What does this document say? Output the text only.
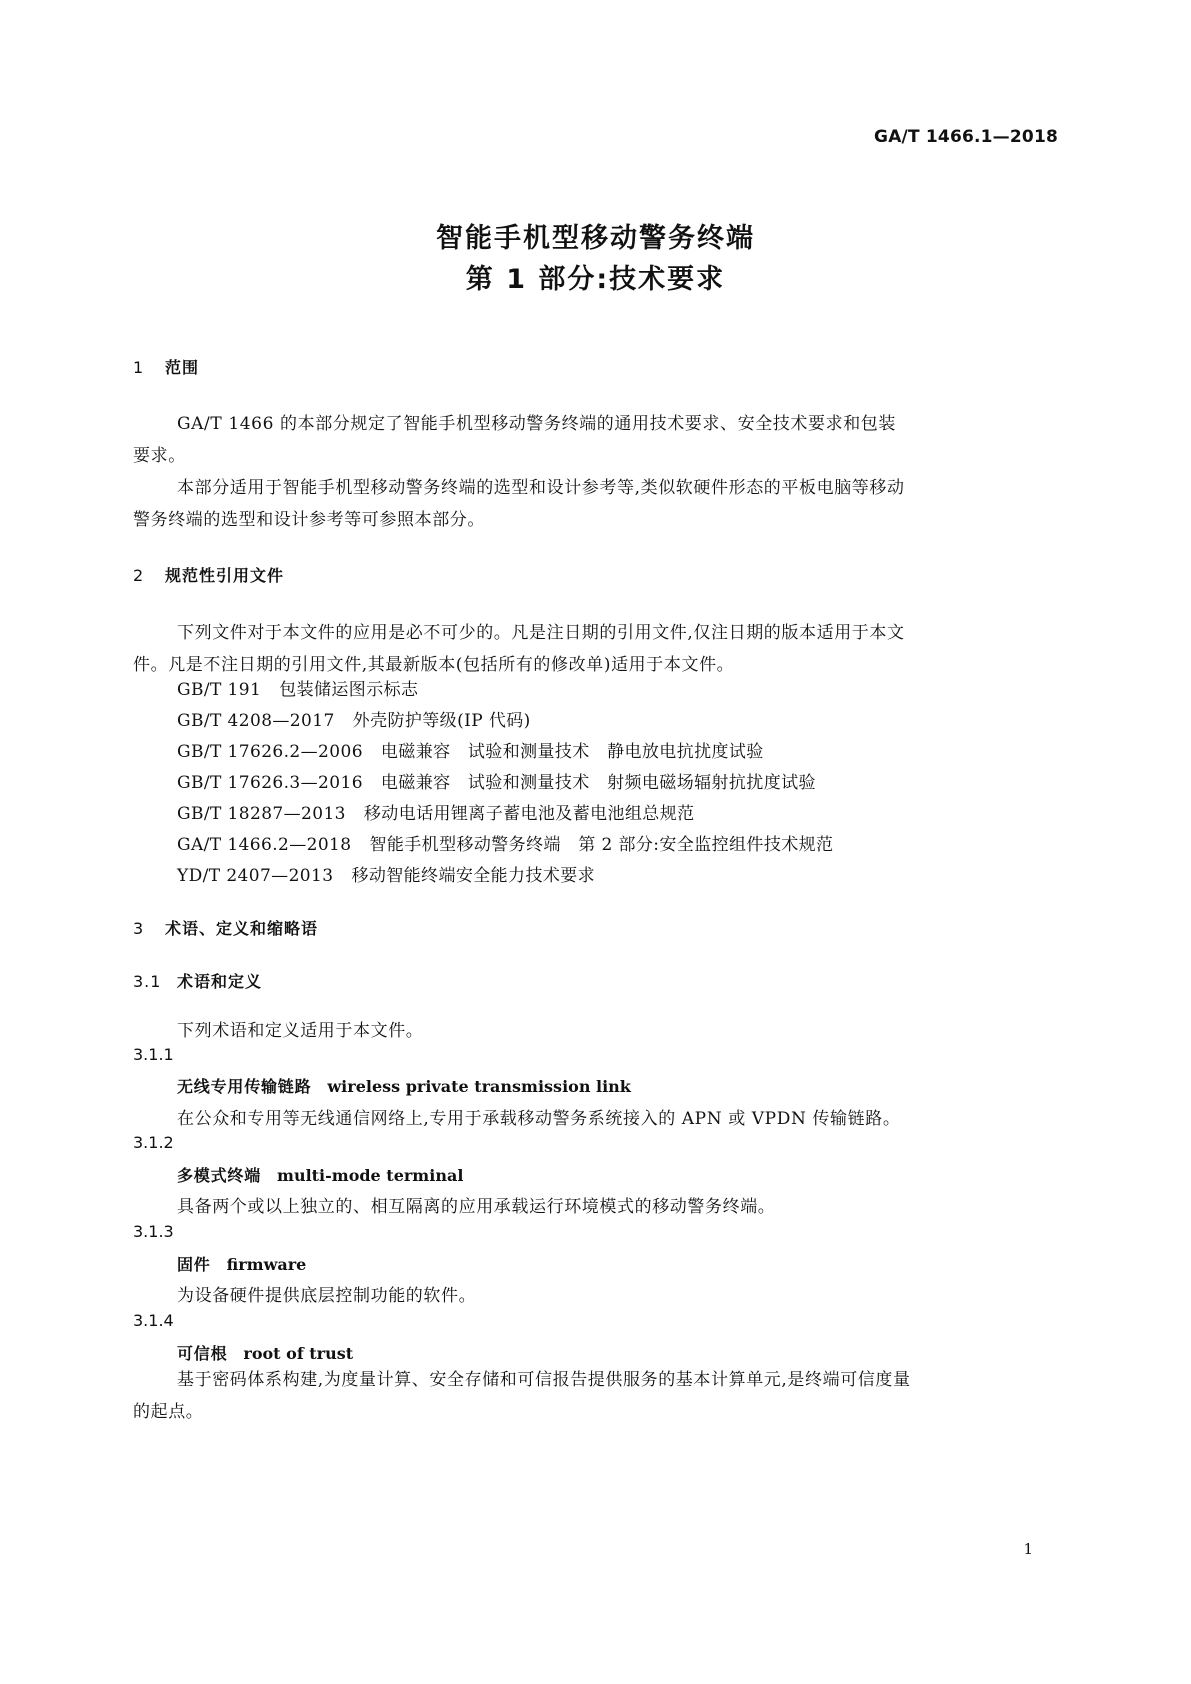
GA/T 1466.1—2018
智能手机型移动警务终端
第 1 部分:技术要求
1 范围
GA/T 1466 的本部分规定了智能手机型移动警务终端的通用技术要求、安全技术要求和包装
要求。
本部分适用于智能手机型移动警务终端的选型和设计参考等,类似软硬件形态的平板电脑等移动
警务终端的选型和设计参考等可参照本部分。
2 规范性引用文件
下列文件对于本文件的应用是必不可少的。凡是注日期的引用文件,仅注日期的版本适用于本文
件。凡是不注日期的引用文件,其最新版本(包括所有的修改单)适用于本文件。
GB/T 191 包装储运图示标志
GB/T 4208—2017 外壳防护等级(IP 代码)
GB/T 17626.2—2006 电磁兼容　试验和测量技术　静电放电抗扰度试验
GB/T 17626.3—2016 电磁兼容　试验和测量技术　射频电磁场辐射抗扰度试验
GB/T 18287—2013 移动电话用锂离子蓄电池及蓄电池组总规范
GA/T 1466.2—2018 智能手机型移动警务终端　第 2 部分:安全监控组件技术规范
YD/T 2407—2013 移动智能终端安全能力技术要求
3 术语、定义和缩略语
3.1 术语和定义
下列术语和定义适用于本文件。
3.1.1
无线专用传输链路 wireless private transmission link
在公众和专用等无线通信网络上,专用于承载移动警务系统接入的 APN 或 VPDN 传输链路。
3.1.2
多模式终端 multi-mode terminal
具备两个或以上独立的、相互隔离的应用承载运行环境模式的移动警务终端。
3.1.3
固件 firmware
为设备硬件提供底层控制功能的软件。
3.1.4
可信根 root of trust
基于密码体系构建,为度量计算、安全存储和可信报告提供服务的基本计算单元,是终端可信度量
的起点。
1
